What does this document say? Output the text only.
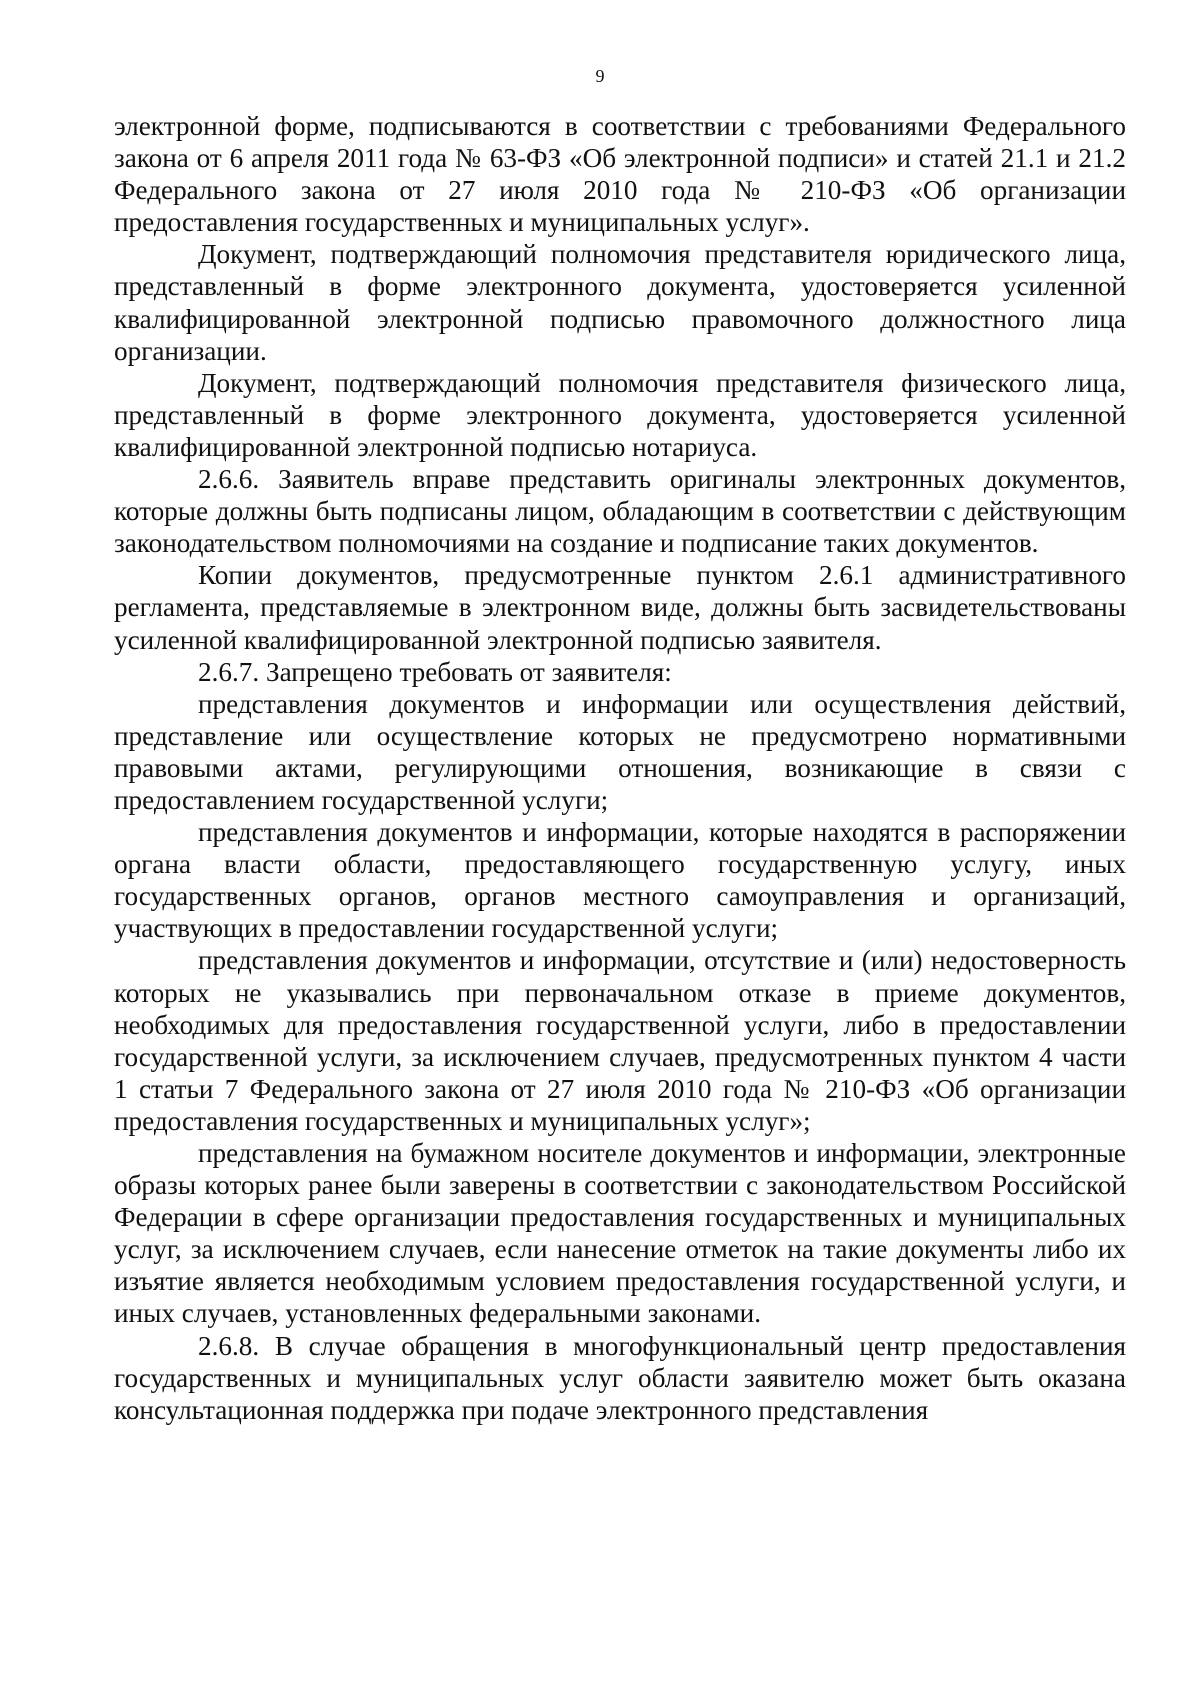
9

электронной форме, подписываются в соответствии с требованиями Федерального закона от 6 апреля 2011 года № 63-ФЗ «Об электронной подписи» и статей 21.1 и 21.2 Федерального закона от 27 июля 2010 года № 210-ФЗ «Об организации предоставления государственных и муниципальных услуг».

Документ, подтверждающий полномочия представителя юридического лица, представленный в форме электронного документа, удостоверяется усиленной квалифицированной электронной подписью правомочного должностного лица организации.

Документ, подтверждающий полномочия представителя физического лица, представленный в форме электронного документа, удостоверяется усиленной квалифицированной электронной подписью нотариуса.

2.6.6. Заявитель вправе представить оригиналы электронных документов, которые должны быть подписаны лицом, обладающим в соответствии с действующим законодательством полномочиями на создание и подписание таких документов.

Копии документов, предусмотренные пунктом 2.6.1 административного регламента, представляемые в электронном виде, должны быть засвидетельствованы усиленной квалифицированной электронной подписью заявителя.

2.6.7. Запрещено требовать от заявителя:

представления документов и информации или осуществления действий, представление или осуществление которых не предусмотрено нормативными правовыми актами, регулирующими отношения, возникающие в связи с предоставлением государственной услуги;

представления документов и информации, которые находятся в распоряжении органа власти области, предоставляющего государственную услугу, иных государственных органов, органов местного самоуправления и организаций, участвующих в предоставлении государственной услуги;

представления документов и информации, отсутствие и (или) недостоверность которых не указывались при первоначальном отказе в приеме документов, необходимых для предоставления государственной услуги, либо в предоставлении государственной услуги, за исключением случаев, предусмотренных пунктом 4 части 1 статьи 7 Федерального закона от 27 июля 2010 года № 210-ФЗ «Об организации предоставления государственных и муниципальных услуг»;

представления на бумажном носителе документов и информации, электронные образы которых ранее были заверены в соответствии с законодательством Российской Федерации в сфере организации предоставления государственных и муниципальных услуг, за исключением случаев, если нанесение отметок на такие документы либо их изъятие является необходимым условием предоставления государственной услуги, и иных случаев, установленных федеральными законами.

2.6.8. В случае обращения в многофункциональный центр предоставления государственных и муниципальных услуг области заявителю может быть оказана консультационная поддержка при подаче электронного представления
